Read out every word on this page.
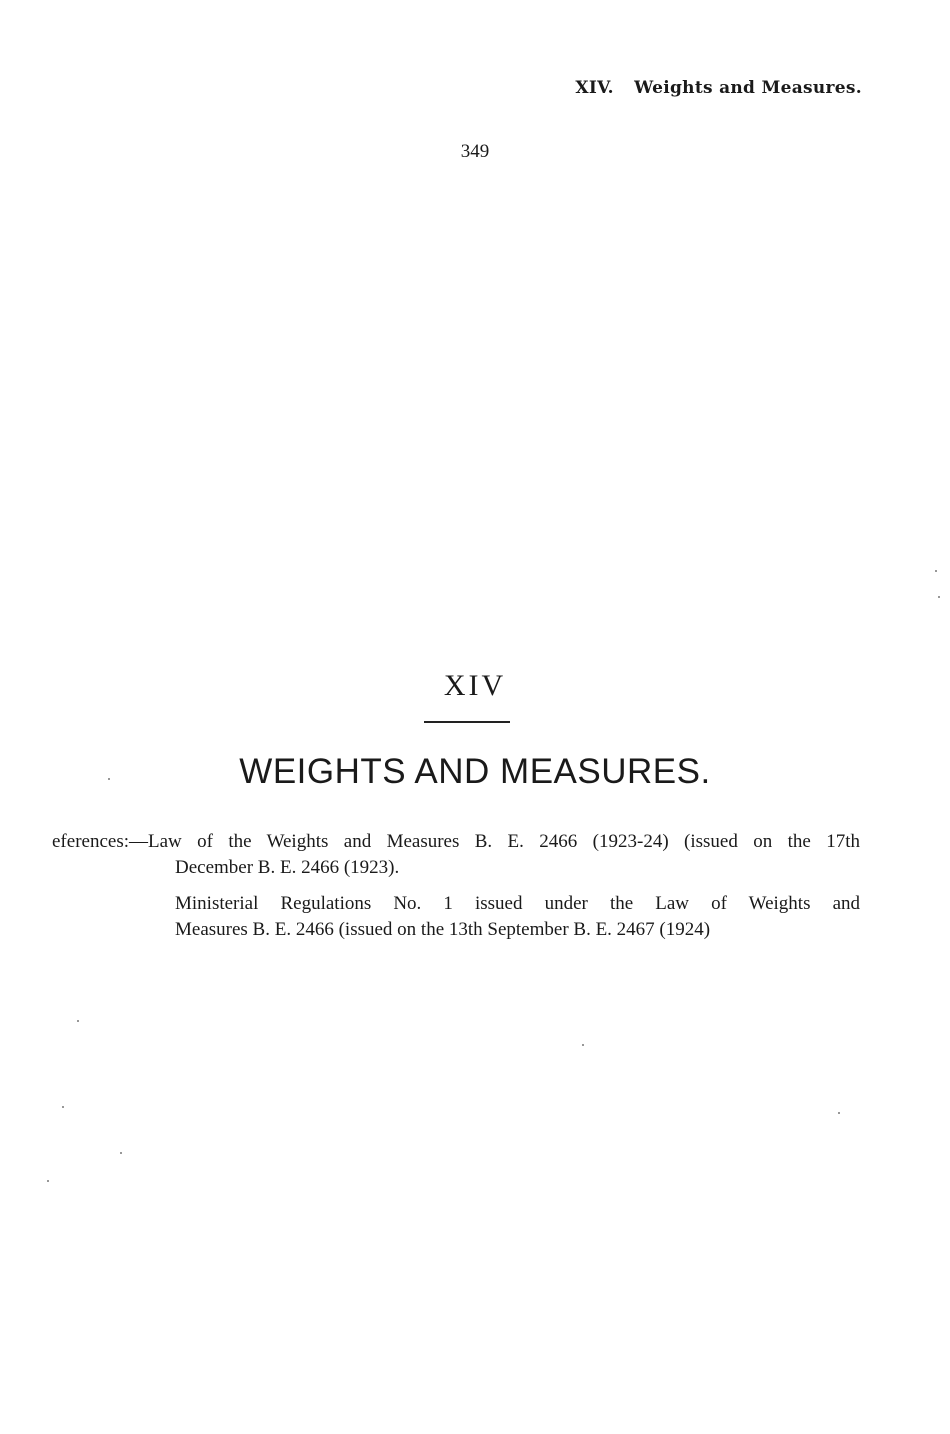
XIV. Weights and Measures.
349
XIV
WEIGHTS AND MEASURES.
eferences:—Law of the Weights and Measures B. E. 2466 (1923-24) (issued on the 17th
December B. E. 2466 (1923).
Ministerial Regulations No. 1 issued under the Law of Weights and
Measures B. E. 2466 (issued on the 13th September B. E. 2467 (1924)
